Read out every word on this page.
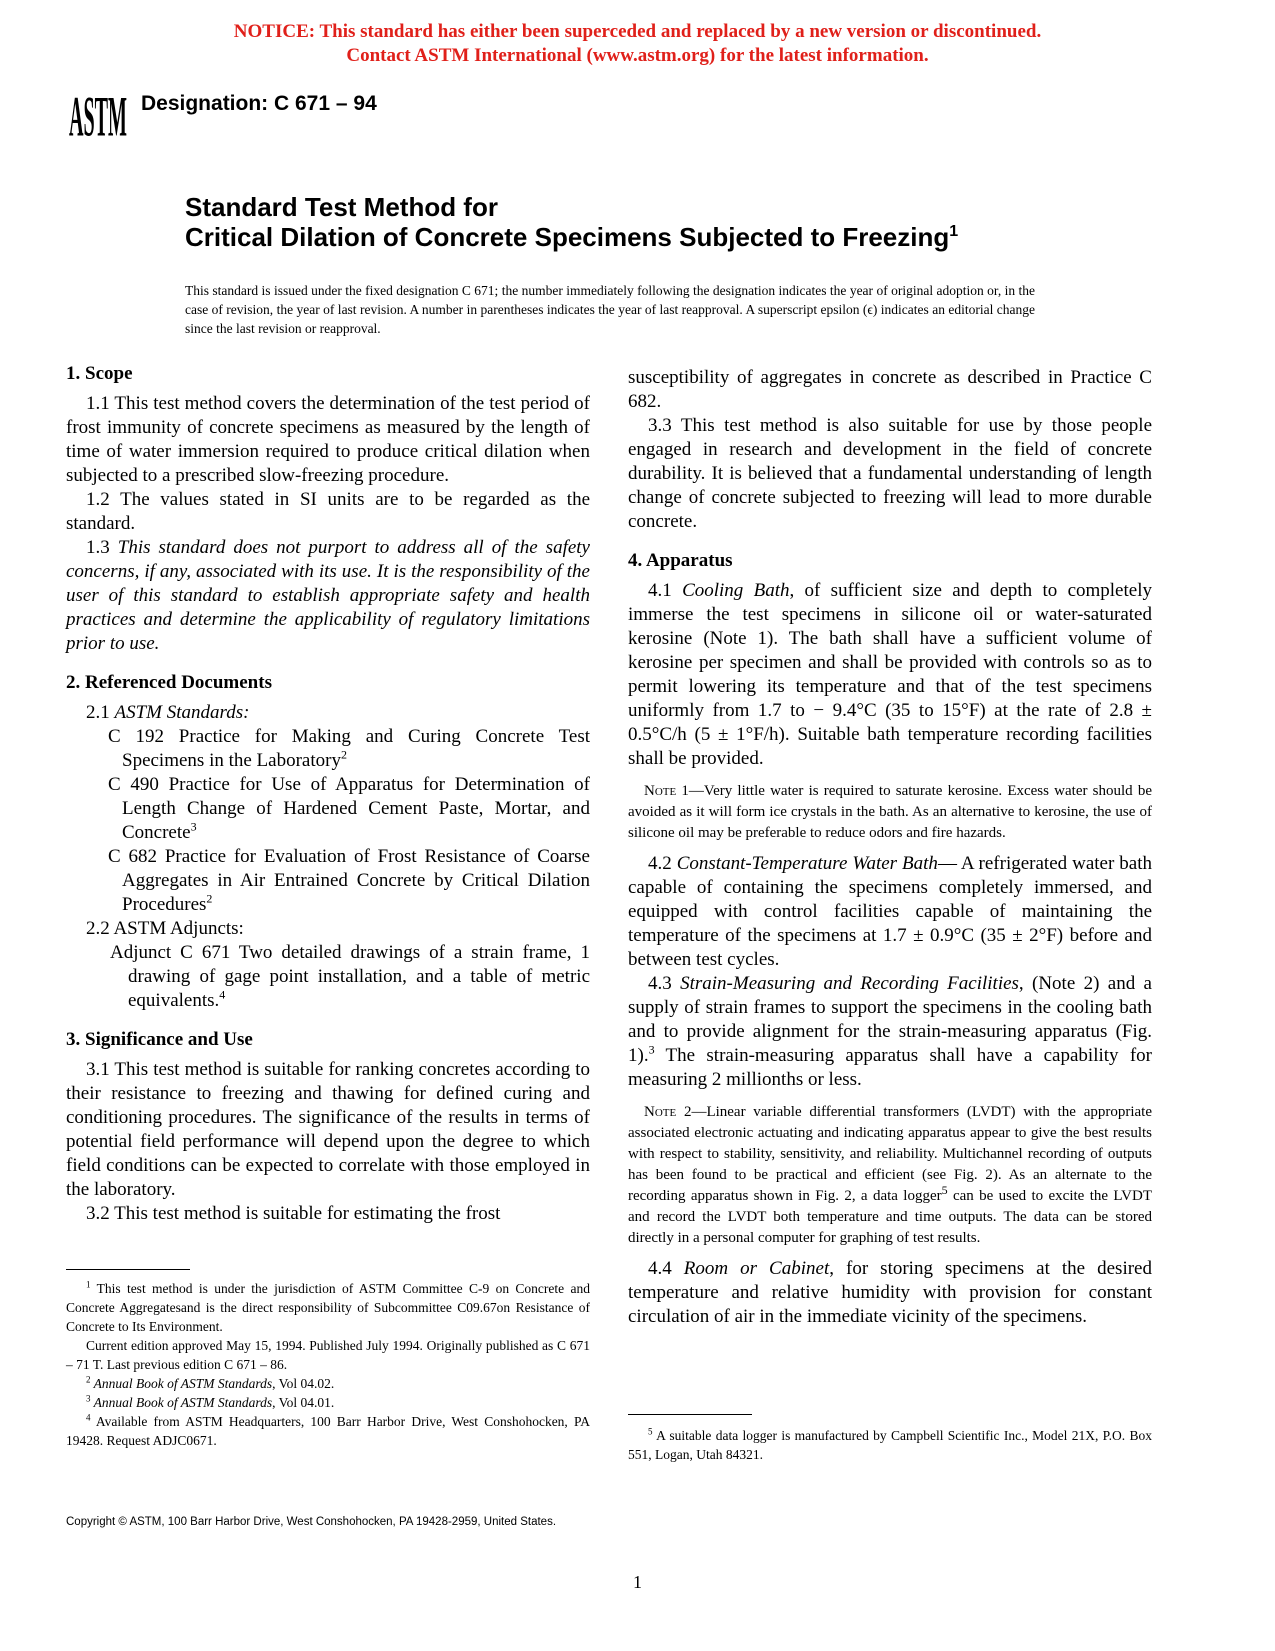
NOTICE: This standard has either been superceded and replaced by a new version or discontinued.
Contact ASTM International (www.astm.org) for the latest information.
ASTM Designation: C 671 – 94
Standard Test Method for
Critical Dilation of Concrete Specimens Subjected to Freezing$^1$
This standard is issued under the fixed designation C 671; the number immediately following the designation indicates the year of original adoption or, in the case of revision, the year of last revision. A number in parentheses indicates the year of last reapproval. A superscript epsilon (ϵ) indicates an editorial change since the last revision or reapproval.

1. Scope

1.1 This test method covers the determination of the test period of frost immunity of concrete specimens as measured by the length of time of water immersion required to produce critical dilation when subjected to a prescribed slow-freezing procedure.

1.2 The values stated in SI units are to be regarded as the standard.

1.3 This standard does not purport to address all of the safety concerns, if any, associated with its use. It is the responsibility of the user of this standard to establish appropriate safety and health practices and determine the applicability of regulatory limitations prior to use.

2. Referenced Documents

2.1 ASTM Standards:

C 192 Practice for Making and Curing Concrete Test Specimens in the Laboratory$^2$

C 490 Practice for Use of Apparatus for Determination of Length Change of Hardened Cement Paste, Mortar, and Concrete$^3$

C 682 Practice for Evaluation of Frost Resistance of Coarse Aggregates in Air Entrained Concrete by Critical Dilation Procedures$^2$

2.2 ASTM Adjuncts:

Adjunct C 671 Two detailed drawings of a strain frame, 1 drawing of gage point installation, and a table of metric equivalents.$^4$

3. Significance and Use

3.1 This test method is suitable for ranking concretes according to their resistance to freezing and thawing for defined curing and conditioning procedures. The significance of the results in terms of potential field performance will depend upon the degree to which field conditions can be expected to correlate with those employed in the laboratory.

3.2 This test method is suitable for estimating the frost

$^1$ This test method is under the jurisdiction of ASTM Committee C-9 on Concrete and Concrete Aggregatesand is the direct responsibility of Subcommittee C09.67on Resistance of Concrete to Its Environment.

Current edition approved May 15, 1994. Published July 1994. Originally published as C 671 – 71 T. Last previous edition C 671 – 86.

$^2$ Annual Book of ASTM Standards, Vol 04.02.

$^3$ Annual Book of ASTM Standards, Vol 04.01.

$^4$ Available from ASTM Headquarters, 100 Barr Harbor Drive, West Conshohocken, PA 19428. Request ADJC0671.

susceptibility of aggregates in concrete as described in Practice C 682.

3.3 This test method is also suitable for use by those people engaged in research and development in the field of concrete durability. It is believed that a fundamental understanding of length change of concrete subjected to freezing will lead to more durable concrete.

4. Apparatus

4.1 Cooling Bath, of sufficient size and depth to completely immerse the test specimens in silicone oil or water-saturated kerosine (Note 1). The bath shall have a sufficient volume of kerosine per specimen and shall be provided with controls so as to permit lowering its temperature and that of the test specimens uniformly from 1.7 to − 9.4°C (35 to 15°F) at the rate of 2.8 ± 0.5°C/h (5 ± 1°F/h). Suitable bath temperature recording facilities shall be provided.

Note 1—Very little water is required to saturate kerosine. Excess water should be avoided as it will form ice crystals in the bath. As an alternative to kerosine, the use of silicone oil may be preferable to reduce odors and fire hazards.

4.2 Constant-Temperature Water Bath— A refrigerated water bath capable of containing the specimens completely immersed, and equipped with control facilities capable of maintaining the temperature of the specimens at 1.7 ± 0.9°C (35 ± 2°F) before and between test cycles.

4.3 Strain-Measuring and Recording Facilities, (Note 2) and a supply of strain frames to support the specimens in the cooling bath and to provide alignment for the strain-measuring apparatus (Fig. 1).$^3$ The strain-measuring apparatus shall have a capability for measuring 2 millionths or less.

Note 2—Linear variable differential transformers (LVDT) with the appropriate associated electronic actuating and indicating apparatus appear to give the best results with respect to stability, sensitivity, and reliability. Multichannel recording of outputs has been found to be practical and efficient (see Fig. 2). As an alternate to the recording apparatus shown in Fig. 2, a data logger$^5$ can be used to excite the LVDT and record the LVDT both temperature and time outputs. The data can be stored directly in a personal computer for graphing of test results.

4.4 Room or Cabinet, for storing specimens at the desired temperature and relative humidity with provision for constant circulation of air in the immediate vicinity of the specimens.

$^5$ A suitable data logger is manufactured by Campbell Scientific Inc., Model 21X, P.O. Box 551, Logan, Utah 84321.

Copyright © ASTM, 100 Barr Harbor Drive, West Conshohocken, PA 19428-2959, United States.
1
